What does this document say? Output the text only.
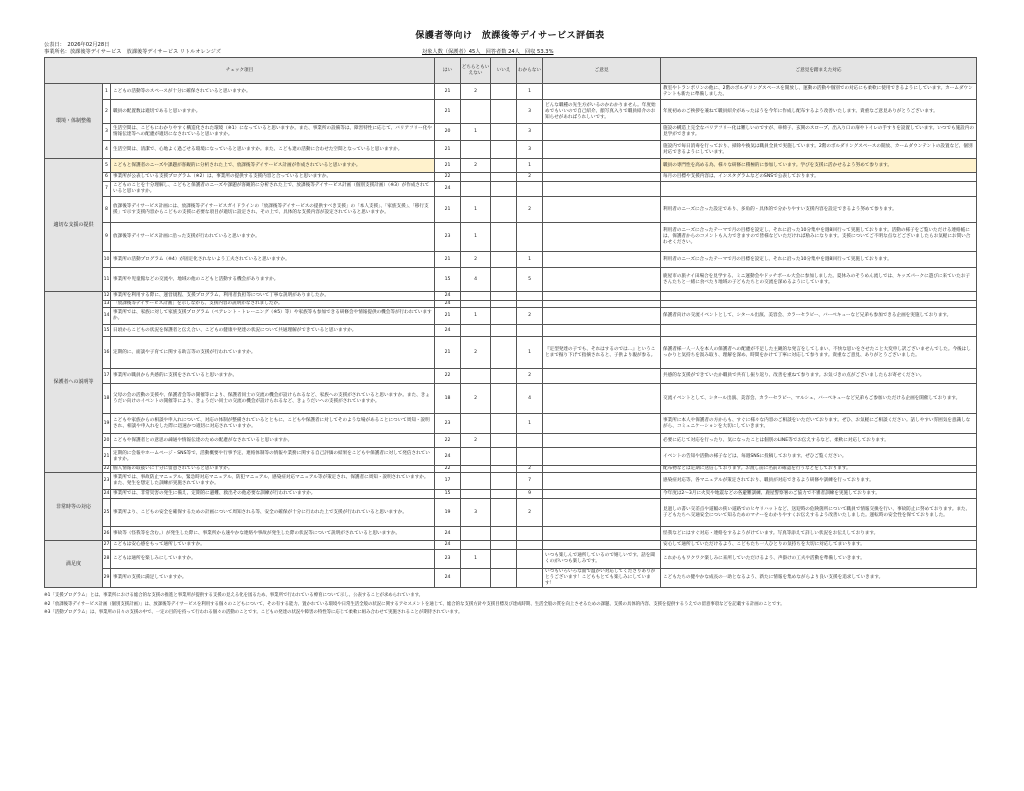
保護者等向け　放課後等デイサービス評価表
公表日：　2026年02月28日
事業所名：放課後等デイサービス　放課後等デイサービス リトルオレンジズ	対象人数（保護者）45人　回答者数 24人　回収 53.3%
チェック項目			はい	どちらともいえない	いいえ	わからない	ご意見	ご意見を踏まえた対応
環境・体制整備	1	こどもの活動等のスペースが十分に確保されていると思いますか。	21	2		1		教室やトランポリンの他に、2階のボルダリングスペースを開放し、運動の活動や個別での対応にも柔軟に使用できるようにしています。カームダウンテントも新たに準備しました。
	2	職員の配置数は適切であると思いますか。	21			3	どんな職種の先生方がいるのかわかりません。年度始めでもいいので自己紹介、顔写真入りで職員紹介のお知らせがあればうれしいです。	年度初めのご挨拶を兼ねて職員紹介があったほうを今年に作成し配布するよう改善いたします。貴重なご意見ありがとうございます。
	3	生活空間は、こどもにわかりやすく構造化された環境（※1）になっていると思いますか。また、事業所の設備等は、障害特性に応じて、バリアフリー化や情報伝達等への配慮が適切になされていると思いますか。	20	1		3		施設の構造上完全なバリアフリー化は難しいのですが、車椅子、玄関のスロープ、出入り口の扉やトイレの手すりを設置しています。いつでも施設内の見学ができます。
	4	生活空間は、清潔で、心地よく過ごせる環境になっていると思いますか。また、こども達の活動に合わせた空間となっていると思いますか。	21			3		施設内で毎日消毒を行っており、掃除や換気は職員全員で実施しています。2階のボルダリングスペースの開放、カームダウンテントの設置など、個別対応できるようにしています。
適切な支援の提供	5	こどもと保護者のニーズや課題が客観的に分析された上で、放課後等デイサービス計画が作成されていると思いますか。	21	2		1		職員の専門性を高める為、様々な研修に積極的に参加しています。学びを支援に活かせるよう努めて参ります。
	6	事業所が公表している支援プログラム（※2）は、事業所の提供する支援内容と合っていると思いますか。	22			2		毎月の目標や支援内容は、インスタグラムなどのSNSで公表しております。
	7	こどものことを十分理解し、こどもと保護者のニーズや課題が客観的に分析された上で、放課後等デイサービス計画（個別支援計画）（※3）が作成されていると思いますか。	24					
	8	放課後等デイサービス計画には、放課後等デイサービスガイドラインの「放課後等デイサービスの提供すべき支援」の「本人支援」、「家族支援」、「移行支援」で示す支援内容からこどもの支援に必要な項目が適切に設定され、その上で、具体的な支援内容が設定されていると思いますか。	21	1		2		利用者のニーズに合った設定であり、多角的・具体的で分かりやすい支援内容を設定できるよう努めて参ります。
	9	放課後等デイサービス計画に沿った支援が行われていると思いますか。	23	1				利用者のニーズに合ったテーマで月の目標を設定し、それに沿った10分集中を週8回行って実施しております。活動の様子をご覧いただける連絡帳には、保護者からのコメントも入力できますので皆様などいただければ励みになります。支援についてご不明な点などございましたらお気軽にお問い合わせください。
	10	事業所の活動プログラム（※4）が固定化されないよう工夫されていると思いますか。	21	2		1		利用者のニーズに合ったテーマで月の目標を設定し、それに沿った10分集中を週8回行って実施しております。
	11	事業所や児童館などの交流や、地域の他のこどもと活動する機会がありますか。	15	4		5		鹿屋市の旅ナイ田場合を見学する、ミニ運動会やドッチボール大会に参加しました。夏休みのそうめん流しでは、キッズパークに遊びに来ていたお子さんたちと一緒に食べたり地域の子どもたちとの交流を深めるようにしています。
保護者への説明等	12	事業所を利用する際に、運営規程、支援プログラム、利用者負担等について丁寧な説明がありましたか。	24					
	13	「放課後等デイサービス計画」を示しながら、支援内容の説明がなされましたか。	24					
	14	事業所では、家族に対して家族支援プログラム（ペアレント・トレーニング（※5）等）や家族等も参加できる研修会や情報提供の機会等が行われていますか。	21	1		2		保護者向けの交流イベントとして、シタール出演、美容会、カラーセラピー、バーベキューなど兄弟も参加できる企画を実施しております。
	15	日頃からこどもの状況を保護者と伝え合い、こどもの健康や発達の状況について共通理解ができていると思いますか。	24					
	16	定期的に、面談や子育てに関する助言等の支援が行われていますか。	21	2		1	『定型発達の子でも、それはするのでは…』ということまで掘り下げて指摘されると、子供より親が参る。	保護者様一人一人を本人の保護者への配慮が不足した主観的な発言をしてしまい、不快な思いをさせたこと大変申し訳ございませんでした。今後はしっかりと気持ちを汲み取り、理解を深め、時間をかけて丁寧に対応して参ります。貴重なご意見、ありがとうございました。
	17	事業所の職員から共感的に支援をされていると思いますか。	22			2		共感的な支援ができていたか職員で共有し振り返り、改善を重ねて参ります。お気づきの点がございましたらお寄せください。
	18	父母の会の活動の支援や、保護者会等の開催等により、保護者同士の交流の機会が設けられるなど、家族への支援がされていると思いますか。また、きょうだい向けのイベントの開催等により、きょうだい同士の交流の機会が設けられるなど、きょうだいへの支援がされていますか。	18	2		4		交流イベントとして、シタール出演、美容会、カラーセラピー、マルシェ、バーベキューなど兄弟もご参加いただける企画を開催しております。
	19	こどもや家族からの相談や申入れについて、対応の体制が整備されているとともに、こどもや保護者に対してそのような場があることについて周知・説明され、相談や申入れをした際に迅速かつ適切に対応されていますか。	23			1		事業所に本人や保護者の方からも、すぐに様々な内容のご相談をいただいております。ぜひ、お気軽にご相談ください。話しやすい雰囲気を意識しながら、コミュニケーションを大切にしていきます。
	20	こどもや保護者との意思の疎通や情報伝達のための配慮がなされていると思いますか。	22	2				必要に応じて対応を行ったり、気になったことは個別のLINE等でお伝えするなど、柔軟に対応しております。
	21	定期的に会報やホームページ・SNS等で、活動概要や行事予定、連絡体制等の情報や業務に関する自己評価の結果をこどもや保護者に対して発信されていますか。	24					イベントの告知や活動の様子などは、毎週SNSに投稿しております。ぜひご覧ください。
	22	個人情報の取扱いに十分に留意されていると思いますか。	22			2		配布物などは定期に送信しております。お渡し前に名前の確認を行うなどをしております。
非常時等の対応	23	事業所では、事故防止マニュアル、緊急時対応マニュアル、防犯マニュアル、感染症対応マニュアル等が策定され、保護者に周知・説明されていますか。また、発生を想定した訓練が実施されていますか。	17			7		感染症対応等、各マニュアルが策定されており、職員が対応できるよう研修や訓練を行っております。
	24	事業所では、非常災害の発生に備え、定期的に避難、救出その他必要な訓練が行われていますか。	15			9		今年度は2〜3月に火災や地震などの各避難訓練、鹿屋警察署のご協力で不審者訓練を実施しております。
	25	事業所より、こどもの安全を確保するための計画について周知される等、安全の確保が十分に行われた上で支援が行われていると思いますか。	19	3		2		見過しの書い交差点や道幅の狭い道路でのヒヤリハットなど、送迎時の危険箇所について職員で情報交換を行い、事故防止に努めております。また、子どもたちへ交通安全について知るためのマナーをわかりやすくお伝えするよう改善いたしました。運転時の安全性を保てておりました。
	26	事故等（怪我等を含む。）が発生した際に、事業所から速やかな連絡や事故が発生した際の状況等について説明がされていると思いますか。	24					怪我などにはすぐ対応・連絡をするようがけています。写真等添えて詳しい状況をお伝えしております。
満足度	27	こどもは安心感をもって通所していますか。	24					安心して通所していただけるよう、こどもたち一人ひとりの気持ちを大切に対応してまいります。
	28	こどもは通所を楽しみにしていますか。	23	1			いつも楽しんで通所しているので嬉しいです。話を聞くのがいつも楽しみです。	これからもワクワク楽しみに来所していただけるよう、声掛けの工夫や活動を準備していきます。
	29	事業所の支援に満足していますか。	24				いつもいろいろな面で温かい対応してくださりありがとうございます！こどももとても楽しみにしています！	こどもたちの健やかな成長の一助となるよう、新たに情報を集めながらより良い支援を追求していきます。
※1「支援プログラム」とは、事業所における総合的な支援の推進と事業所が提供する支援の見える化を図るため、事業所で行われている療育について示し、公表することが求められています。
※2「放課後等デイサービス計画（個別支援計画）」は、放課後等デイサービスを利用する個々のこどもについて、その有する能力、置かれている環境や日常生活全般の状況に関するアセスメントを通じて、総合的な支援方針や支援目標及び達成時期、生活全般の質を向上させるための課題、支援の具体的内容、支援を提供するうえでの留意事項などを記載する計画のことです。
※3「活動プログラム」は、事業所の日々の支援の中で、一定の目的を持って行われる個々の活動のことです。こどもの発達の状況や障害の特性等に応じて柔軟に組み合わせて実施されることが期待されています。
